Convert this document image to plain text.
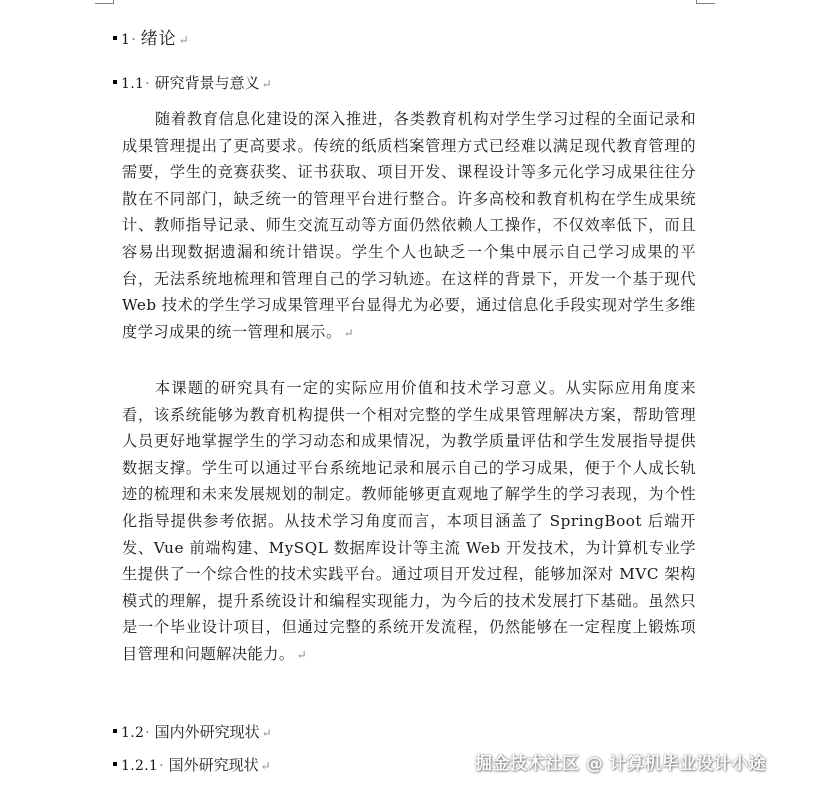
1 · 绪论 ↵
1.1 · 研究背景与意义 ↵
随着教育信息化建设的深入推进，各类教育机构对学生学习过程的全面记录和成果管理提出了更高要求。传统的纸质档案管理方式已经难以满足现代教育管理的需要，学生的竞赛获奖、证书获取、项目开发、课程设计等多元化学习成果往往分散在不同部门，缺乏统一的管理平台进行整合。许多高校和教育机构在学生成果统计、教师指导记录、师生交流互动等方面仍然依赖人工操作，不仅效率低下，而且容易出现数据遗漏和统计错误。学生个人也缺乏一个集中展示自己学习成果的平台，无法系统地梳理和管理自己的学习轨迹。在这样的背景下，开发一个基于现代 Web 技术的学生学习成果管理平台显得尤为必要，通过信息化手段实现对学生多维度学习成果的统一管理和展示。 ↵
本课题的研究具有一定的实际应用价值和技术学习意义。从实际应用角度来看，该系统能够为教育机构提供一个相对完整的学生成果管理解决方案，帮助管理人员更好地掌握学生的学习动态和成果情况，为教学质量评估和学生发展指导提供数据支撑。学生可以通过平台系统地记录和展示自己的学习成果，便于个人成长轨迹的梳理和未来发展规划的制定。教师能够更直观地了解学生的学习表现，为个性化指导提供参考依据。从技术学习角度而言，本项目涵盖了 SpringBoot 后端开发、Vue 前端构建、MySQL 数据库设计等主流 Web 开发技术，为计算机专业学生提供了一个综合性的技术实践平台。通过项目开发过程，能够加深对 MVC 架构模式的理解，提升系统设计和编程实现能力，为今后的技术发展打下基础。虽然只是一个毕业设计项目，但通过完整的系统开发流程，仍然能够在一定程度上锻炼项目管理和问题解决能力。 ↵
1.2 · 国内外研究现状 ↵
1.2.1 · 国外研究现状 ↵	掘金技术社区 @ 计算机毕业设计小途
